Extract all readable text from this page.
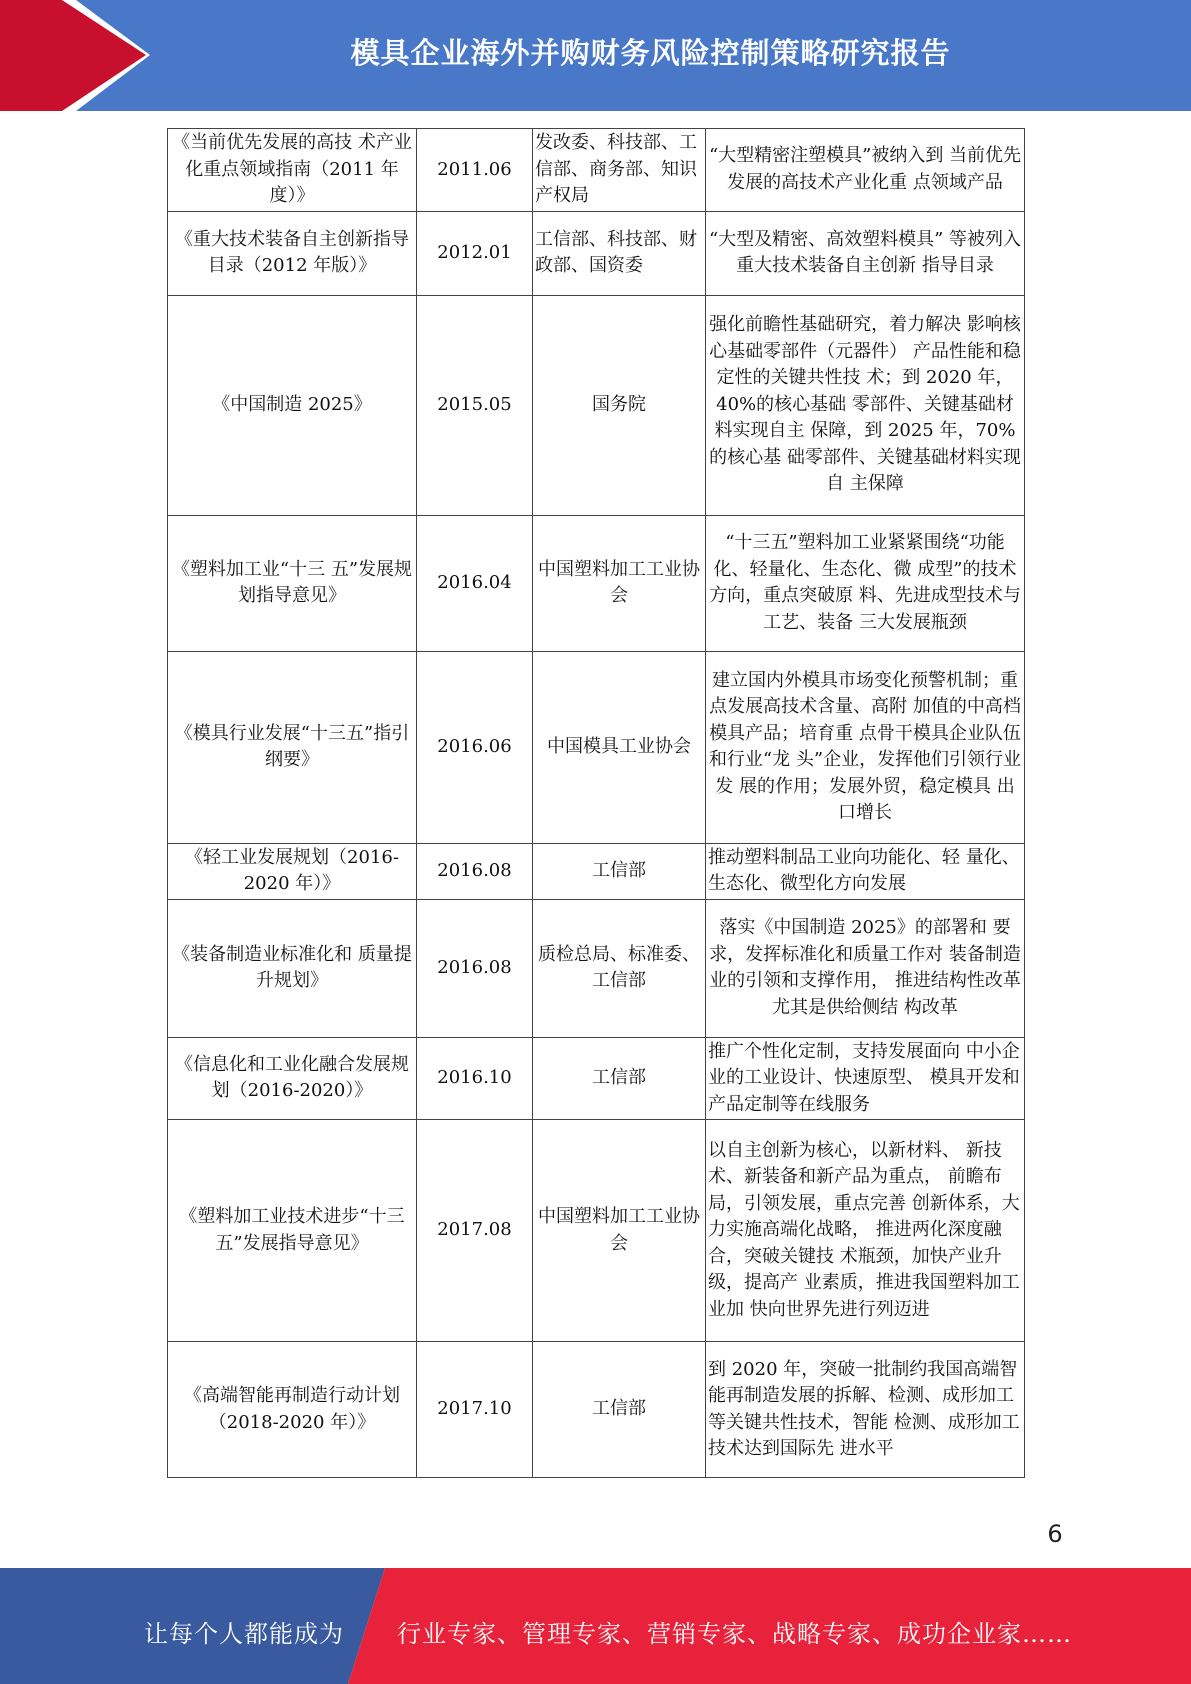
模具企业海外并购财务风险控制策略研究报告
《当前优先发展的高技 术产业化重点领域指南（2011 年度）》	2011.06	发改委、科技部、工信部、商务部、知识产权局	“大型精密注塑模具”被纳入到 当前优先发展的高技术产业化重 点领域产品
《重大技术装备自主创新指导目录（2012 年版）》	2012.01	工信部、科技部、财政部、国资委	“大型及精密、高效塑料模具” 等被列入重大技术装备自主创新 指导目录
《中国制造 2025》	2015.05	国务院	强化前瞻性基础研究，着力解决 影响核心基础零部件（元器件） 产品性能和稳定性的关键共性技 术；到 2020 年，40%的核心基础 零部件、关键基础材料实现自主 保障，到 2025 年，70%的核心基 础零部件、关键基础材料实现自 主保障
《塑料加工业“十三 五”发展规划指导意见》	2016.04	中国塑料加工工业协会	“十三五”塑料加工业紧紧围绕“功能化、轻量化、生态化、微 成型”的技术方向，重点突破原 料、先进成型技术与工艺、装备 三大发展瓶颈
《模具行业发展“十三五”指引纲要》	2016.06	中国模具工业协会	建立国内外模具市场变化预警机制；重点发展高技术含量、高附 加值的中高档模具产品；培育重 点骨干模具企业队伍和行业“龙 头”企业，发挥他们引领行业发 展的作用；发展外贸，稳定模具 出口增长
《轻工业发展规划（2016-2020 年）》	2016.08	工信部	推动塑料制品工业向功能化、轻 量化、生态化、微型化方向发展
《装备制造业标准化和 质量提升规划》	2016.08	质检总局、标准委、工信部	落实《中国制造 2025》的部署和 要求，发挥标准化和质量工作对 装备制造业的引领和支撑作用， 推进结构性改革尤其是供给侧结 构改革
《信息化和工业化融合发展规划（2016-2020）》	2016.10	工信部	推广个性化定制，支持发展面向 中小企业的工业设计、快速原型、 模具开发和产品定制等在线服务
《塑料加工业技术进步“十三五”发展指导意见》	2017.08	中国塑料加工工业协会	以自主创新为核心，以新材料、 新技术、新装备和新产品为重点， 前瞻布局，引领发展，重点完善 创新体系，大力实施高端化战略， 推进两化深度融合，突破关键技 术瓶颈，加快产业升级，提高产 业素质，推进我国塑料加工业加 快向世界先进行列迈进
《高端智能再制造行动计划（2018-2020 年）》	2017.10	工信部	到 2020 年，突破一批制约我国高端智能再制造发展的拆解、检测、成形加工等关键共性技术，智能 检测、成形加工技术达到国际先 进水平
6
让每个人都能成为 行业专家、管理专家、营销专家、战略专家、成功企业家……
